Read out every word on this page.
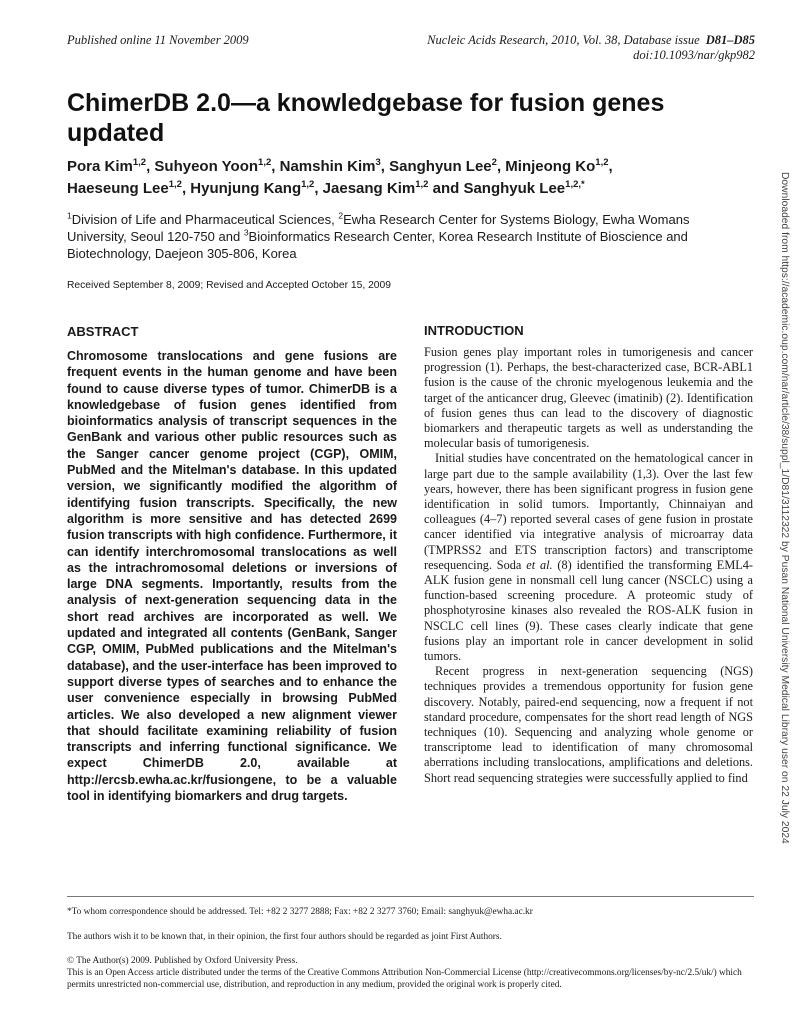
Published online 11 November 2009	Nucleic Acids Research, 2010, Vol. 38, Database issue D81–D85
doi:10.1093/nar/gkp982
ChimerDB 2.0—a knowledgebase for fusion genes updated
Pora Kim$^{1,2}$, Suhyeon Yoon$^{1,2}$, Namshin Kim$^3$, Sanghyun Lee$^2$, Minjeong Ko$^{1,2}$,
Haeseung Lee$^{1,2}$, Hyunjung Kang$^{1,2}$, Jaesang Kim$^{1,2}$ and Sanghyuk Lee$^{1,2,*}$
$^1$Division of Life and Pharmaceutical Sciences, $^2$Ewha Research Center for Systems Biology, Ewha Womans University, Seoul 120-750 and $^3$Bioinformatics Research Center, Korea Research Institute of Bioscience and Biotechnology, Daejeon 305-806, Korea
Received September 8, 2009; Revised and Accepted October 15, 2009
ABSTRACT
Chromosome translocations and gene fusions are frequent events in the human genome and have been found to cause diverse types of tumor. ChimerDB is a knowledgebase of fusion genes identified from bioinformatics analysis of transcript sequences in the GenBank and various other public resources such as the Sanger cancer genome project (CGP), OMIM, PubMed and the Mitelman's database. In this updated version, we significantly modified the algorithm of identifying fusion transcripts. Specifically, the new algorithm is more sensitive and has detected 2699 fusion transcripts with high confidence. Furthermore, it can identify interchromosomal translocations as well as the intrachromosomal deletions or inversions of large DNA segments. Importantly, results from the analysis of next-generation sequencing data in the short read archives are incorporated as well. We updated and integrated all contents (GenBank, Sanger CGP, OMIM, PubMed publications and the Mitelman's database), and the user-interface has been improved to support diverse types of searches and to enhance the user convenience especially in browsing PubMed articles. We also developed a new alignment viewer that should facilitate examining reliability of fusion transcripts and inferring functional significance. We expect ChimerDB 2.0, available at http://ercsb.ewha.ac.kr/fusiongene, to be a valuable tool in identifying biomarkers and drug targets.
INTRODUCTION

Fusion genes play important roles in tumorigenesis and cancer progression (1). Perhaps, the best-characterized case, BCR-ABL1 fusion is the cause of the chronic myelogenous leukemia and the target of the anticancer drug, Gleevec (imatinib) (2). Identification of fusion genes thus can lead to the discovery of diagnostic biomarkers and therapeutic targets as well as understanding the molecular basis of tumorigenesis.

Initial studies have concentrated on the hematological cancer in large part due to the sample availability (1,3). Over the last few years, however, there has been significant progress in fusion gene identification in solid tumors. Importantly, Chinnaiyan and colleagues (4–7) reported several cases of gene fusion in prostate cancer identified via integrative analysis of microarray data (TMPRSS2 and ETS transcription factors) and transcriptome resequencing. Soda et al. (8) identified the transforming EML4-ALK fusion gene in nonsmall cell lung cancer (NSCLC) using a function-based screening procedure. A proteomic study of phosphotyrosine kinases also revealed the ROS-ALK fusion in NSCLC cell lines (9). These cases clearly indicate that gene fusions play an important role in cancer development in solid tumors.

Recent progress in next-generation sequencing (NGS) techniques provides a tremendous opportunity for fusion gene discovery. Notably, paired-end sequencing, now a frequent if not standard procedure, compensates for the short read length of NGS techniques (10). Sequencing and analyzing whole genome or transcriptome lead to identification of many chromosomal aberrations including translocations, amplifications and deletions. Short read sequencing strategies were successfully applied to find	Downloaded from https://academic.oup.com/nar/article/38/suppl_1/D81/3112322 by Pusan National University Medical Library user on 22 July 2024
*To whom correspondence should be addressed. Tel: +82 2 3277 2888; Fax: +82 2 3277 3760; Email: sanghyuk@ewha.ac.kr
The authors wish it to be known that, in their opinion, the first four authors should be regarded as joint First Authors.
© The Author(s) 2009. Published by Oxford University Press.
This is an Open Access article distributed under the terms of the Creative Commons Attribution Non-Commercial License (http://creativecommons.org/licenses/by-nc/2.5/uk/) which permits unrestricted non-commercial use, distribution, and reproduction in any medium, provided the original work is properly cited.
